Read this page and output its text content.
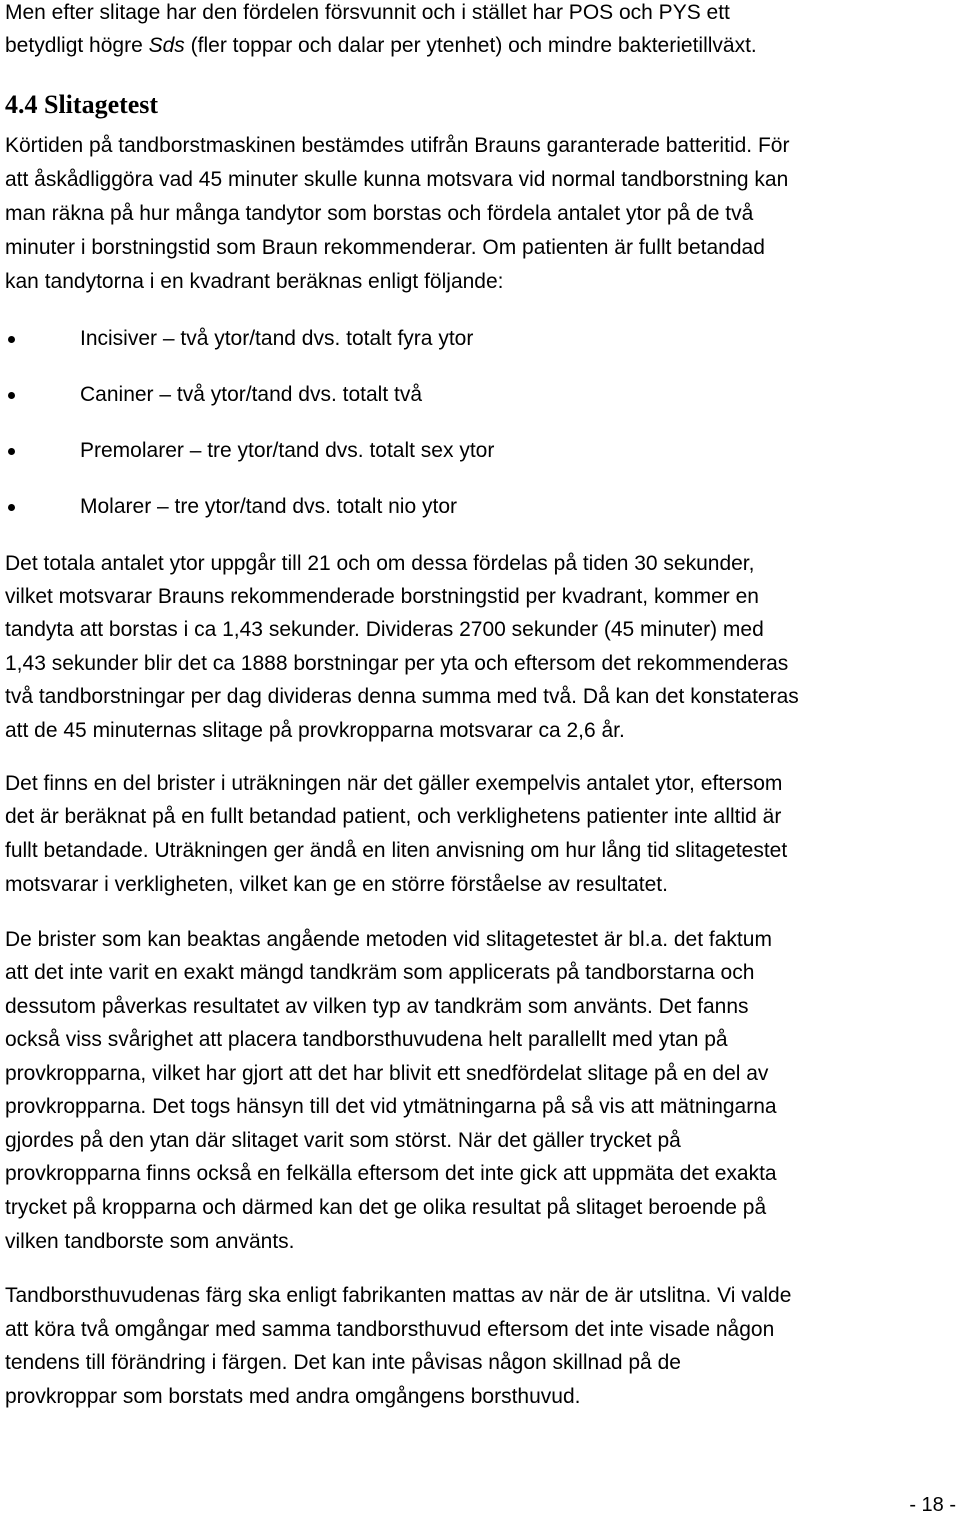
Men efter slitage har den fördelen försvunnit och i stället har POS och PYS ett
betydligt högre Sds (fler toppar och dalar per ytenhet) och mindre bakterietillväxt.
4.4 Slitagetest
Körtiden på tandborstmaskinen bestämdes utifrån Brauns garanterade batteritid. För
att åskådliggöra vad 45 minuter skulle kunna motsvara vid normal tandborstning kan
man räkna på hur många tandytor som borstas och fördela antalet ytor på de två
minuter i borstningstid som Braun rekommenderar. Om patienten är fullt betandad
kan tandytorna i en kvadrant beräknas enligt följande:
Incisiver – två ytor/tand dvs. totalt fyra ytor
Caniner – två ytor/tand dvs. totalt två
Premolarer – tre ytor/tand dvs. totalt sex ytor
Molarer – tre ytor/tand dvs. totalt nio ytor
Det totala antalet ytor uppgår till 21 och om dessa fördelas på tiden 30 sekunder,
vilket motsvarar Brauns rekommenderade borstningstid per kvadrant, kommer en
tandyta att borstas i ca 1,43 sekunder. Divideras 2700 sekunder (45 minuter) med
1,43 sekunder blir det ca 1888 borstningar per yta och eftersom det rekommenderas
två tandborstningar per dag divideras denna summa med två. Då kan det konstateras
att de 45 minuternas slitage på provkropparna motsvarar ca 2,6 år.
Det finns en del brister i uträkningen när det gäller exempelvis antalet ytor, eftersom
det är beräknat på en fullt betandad patient, och verklighetens patienter inte alltid är
fullt betandade. Uträkningen ger ändå en liten anvisning om hur lång tid slitagetestet
motsvarar i verkligheten, vilket kan ge en större förståelse av resultatet.
De brister som kan beaktas angående metoden vid slitagetestet är bl.a. det faktum
att det inte varit en exakt mängd tandkräm som applicerats på tandborstarna och
dessutom påverkas resultatet av vilken typ av tandkräm som använts. Det fanns
också viss svårighet att placera tandborsthuvudena helt parallellt med ytan på
provkropparna, vilket har gjort att det har blivit ett snedfördelat slitage på en del av
provkropparna. Det togs hänsyn till det vid ytmätningarna på så vis att mätningarna
gjordes på den ytan där slitaget varit som störst. När det gäller trycket på
provkropparna finns också en felkälla eftersom det inte gick att uppmäta det exakta
trycket på kropparna och därmed kan det ge olika resultat på slitaget beroende på
vilken tandborste som använts.
Tandborsthuvudenas färg ska enligt fabrikanten mattas av när de är utslitna. Vi valde
att köra två omgångar med samma tandborsthuvud eftersom det inte visade någon
tendens till förändring i färgen. Det kan inte påvisas någon skillnad på de
provkroppar som borstats med andra omgångens borsthuvud.
- 18 -
